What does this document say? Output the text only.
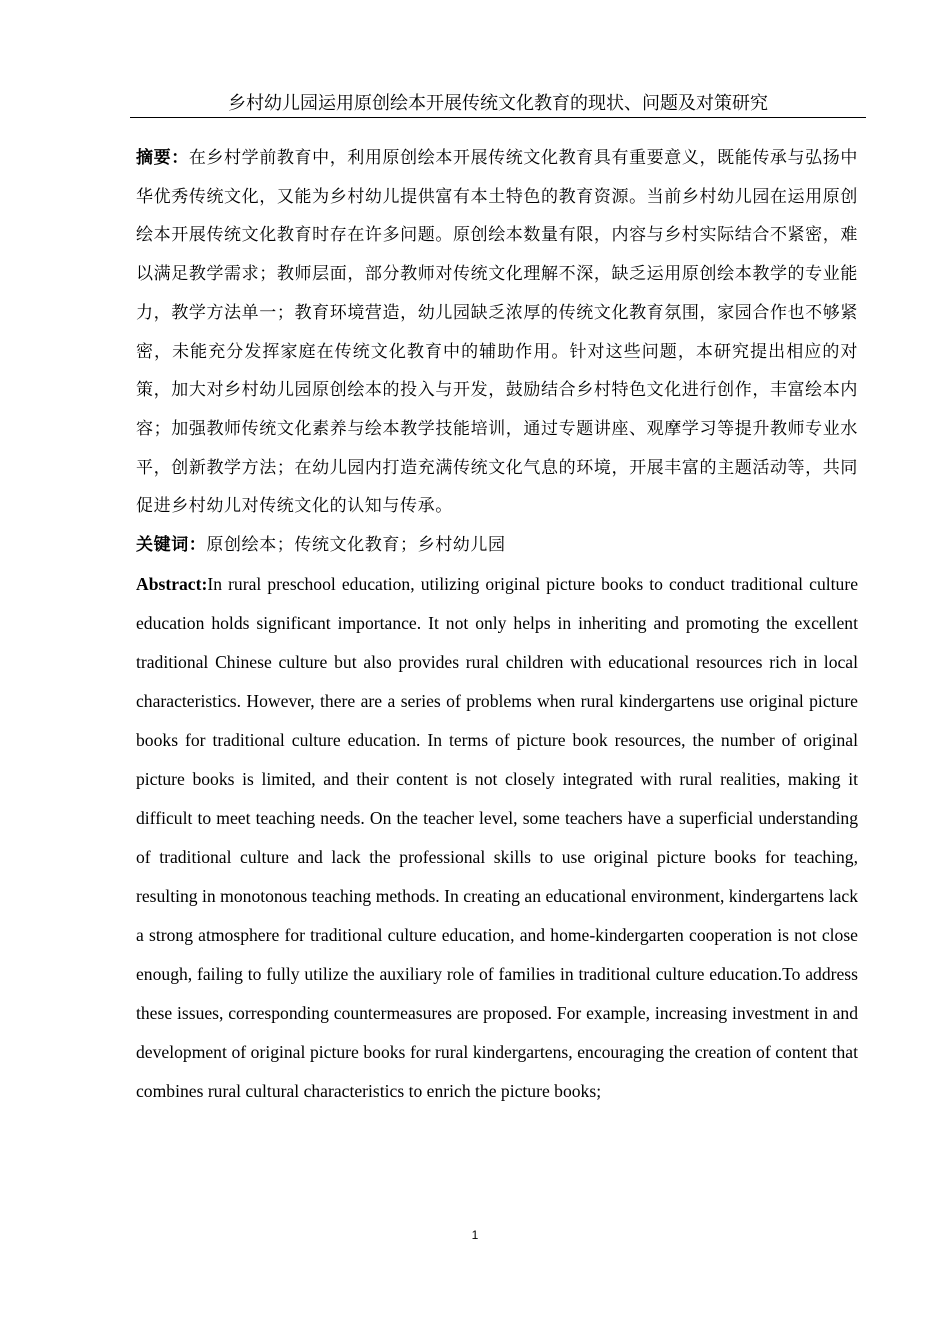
乡村幼儿园运用原创绘本开展传统文化教育的现状、问题及对策研究

摘要：在乡村学前教育中，利用原创绘本开展传统文化教育具有重要意义，既能传承与弘扬中华优秀传统文化，又能为乡村幼儿提供富有本土特色的教育资源。当前乡村幼儿园在运用原创绘本开展传统文化教育时存在许多问题。原创绘本数量有限，内容与乡村实际结合不紧密，难以满足教学需求；教师层面，部分教师对传统文化理解不深，缺乏运用原创绘本教学的专业能力，教学方法单一；教育环境营造，幼儿园缺乏浓厚的传统文化教育氛围，家园合作也不够紧密，未能充分发挥家庭在传统文化教育中的辅助作用。针对这些问题，本研究提出相应的对策，加大对乡村幼儿园原创绘本的投入与开发，鼓励结合乡村特色文化进行创作，丰富绘本内容；加强教师传统文化素养与绘本教学技能培训，通过专题讲座、观摩学习等提升教师专业水平，创新教学方法；在幼儿园内打造充满传统文化气息的环境，开展丰富的主题活动等，共同促进乡村幼儿对传统文化的认知与传承。

关键词：原创绘本；传统文化教育；乡村幼儿园

Abstract:In rural preschool education, utilizing original picture books to conduct traditional culture education holds significant importance. It not only helps in inheriting and promoting the excellent traditional Chinese culture but also provides rural children with educational resources rich in local characteristics. However, there are a series of problems when rural kindergartens use original picture books for traditional culture education. In terms of picture book resources, the number of original picture books is limited, and their content is not closely integrated with rural realities, making it difficult to meet teaching needs. On the teacher level, some teachers have a superficial understanding of traditional culture and lack the professional skills to use original picture books for teaching, resulting in monotonous teaching methods. In creating an educational environment, kindergartens lack a strong atmosphere for traditional culture education, and home-kindergarten cooperation is not close enough, failing to fully utilize the auxiliary role of families in traditional culture education.To address these issues, corresponding countermeasures are proposed. For example, increasing investment in and development of original picture books for rural kindergartens, encouraging the creation of content that combines rural cultural characteristics to enrich the picture books;

1
